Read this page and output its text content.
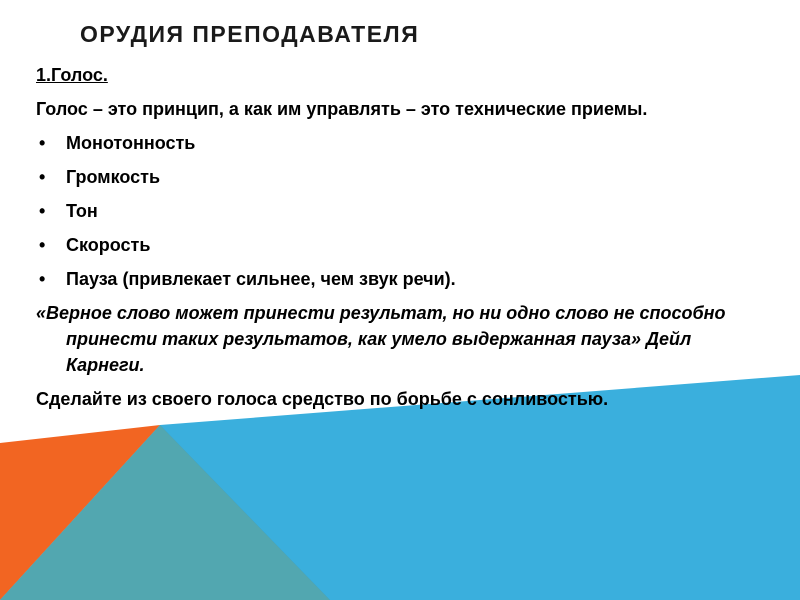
ОРУДИЯ ПРЕПОДАВАТЕЛЯ

1.Голос.

Голос – это принцип, а как им управлять – это технические приемы.

• Монотонность
• Громкость
• Тон
• Скорость
• Пауза (привлекает сильнее, чем звук речи).

«Верное слово может принести результат, но ни одно слово не способно принести таких результатов, как умело выдержанная пауза» Дейл Карнеги.

Сделайте из своего голоса средство по борьбе с сонливостью.
